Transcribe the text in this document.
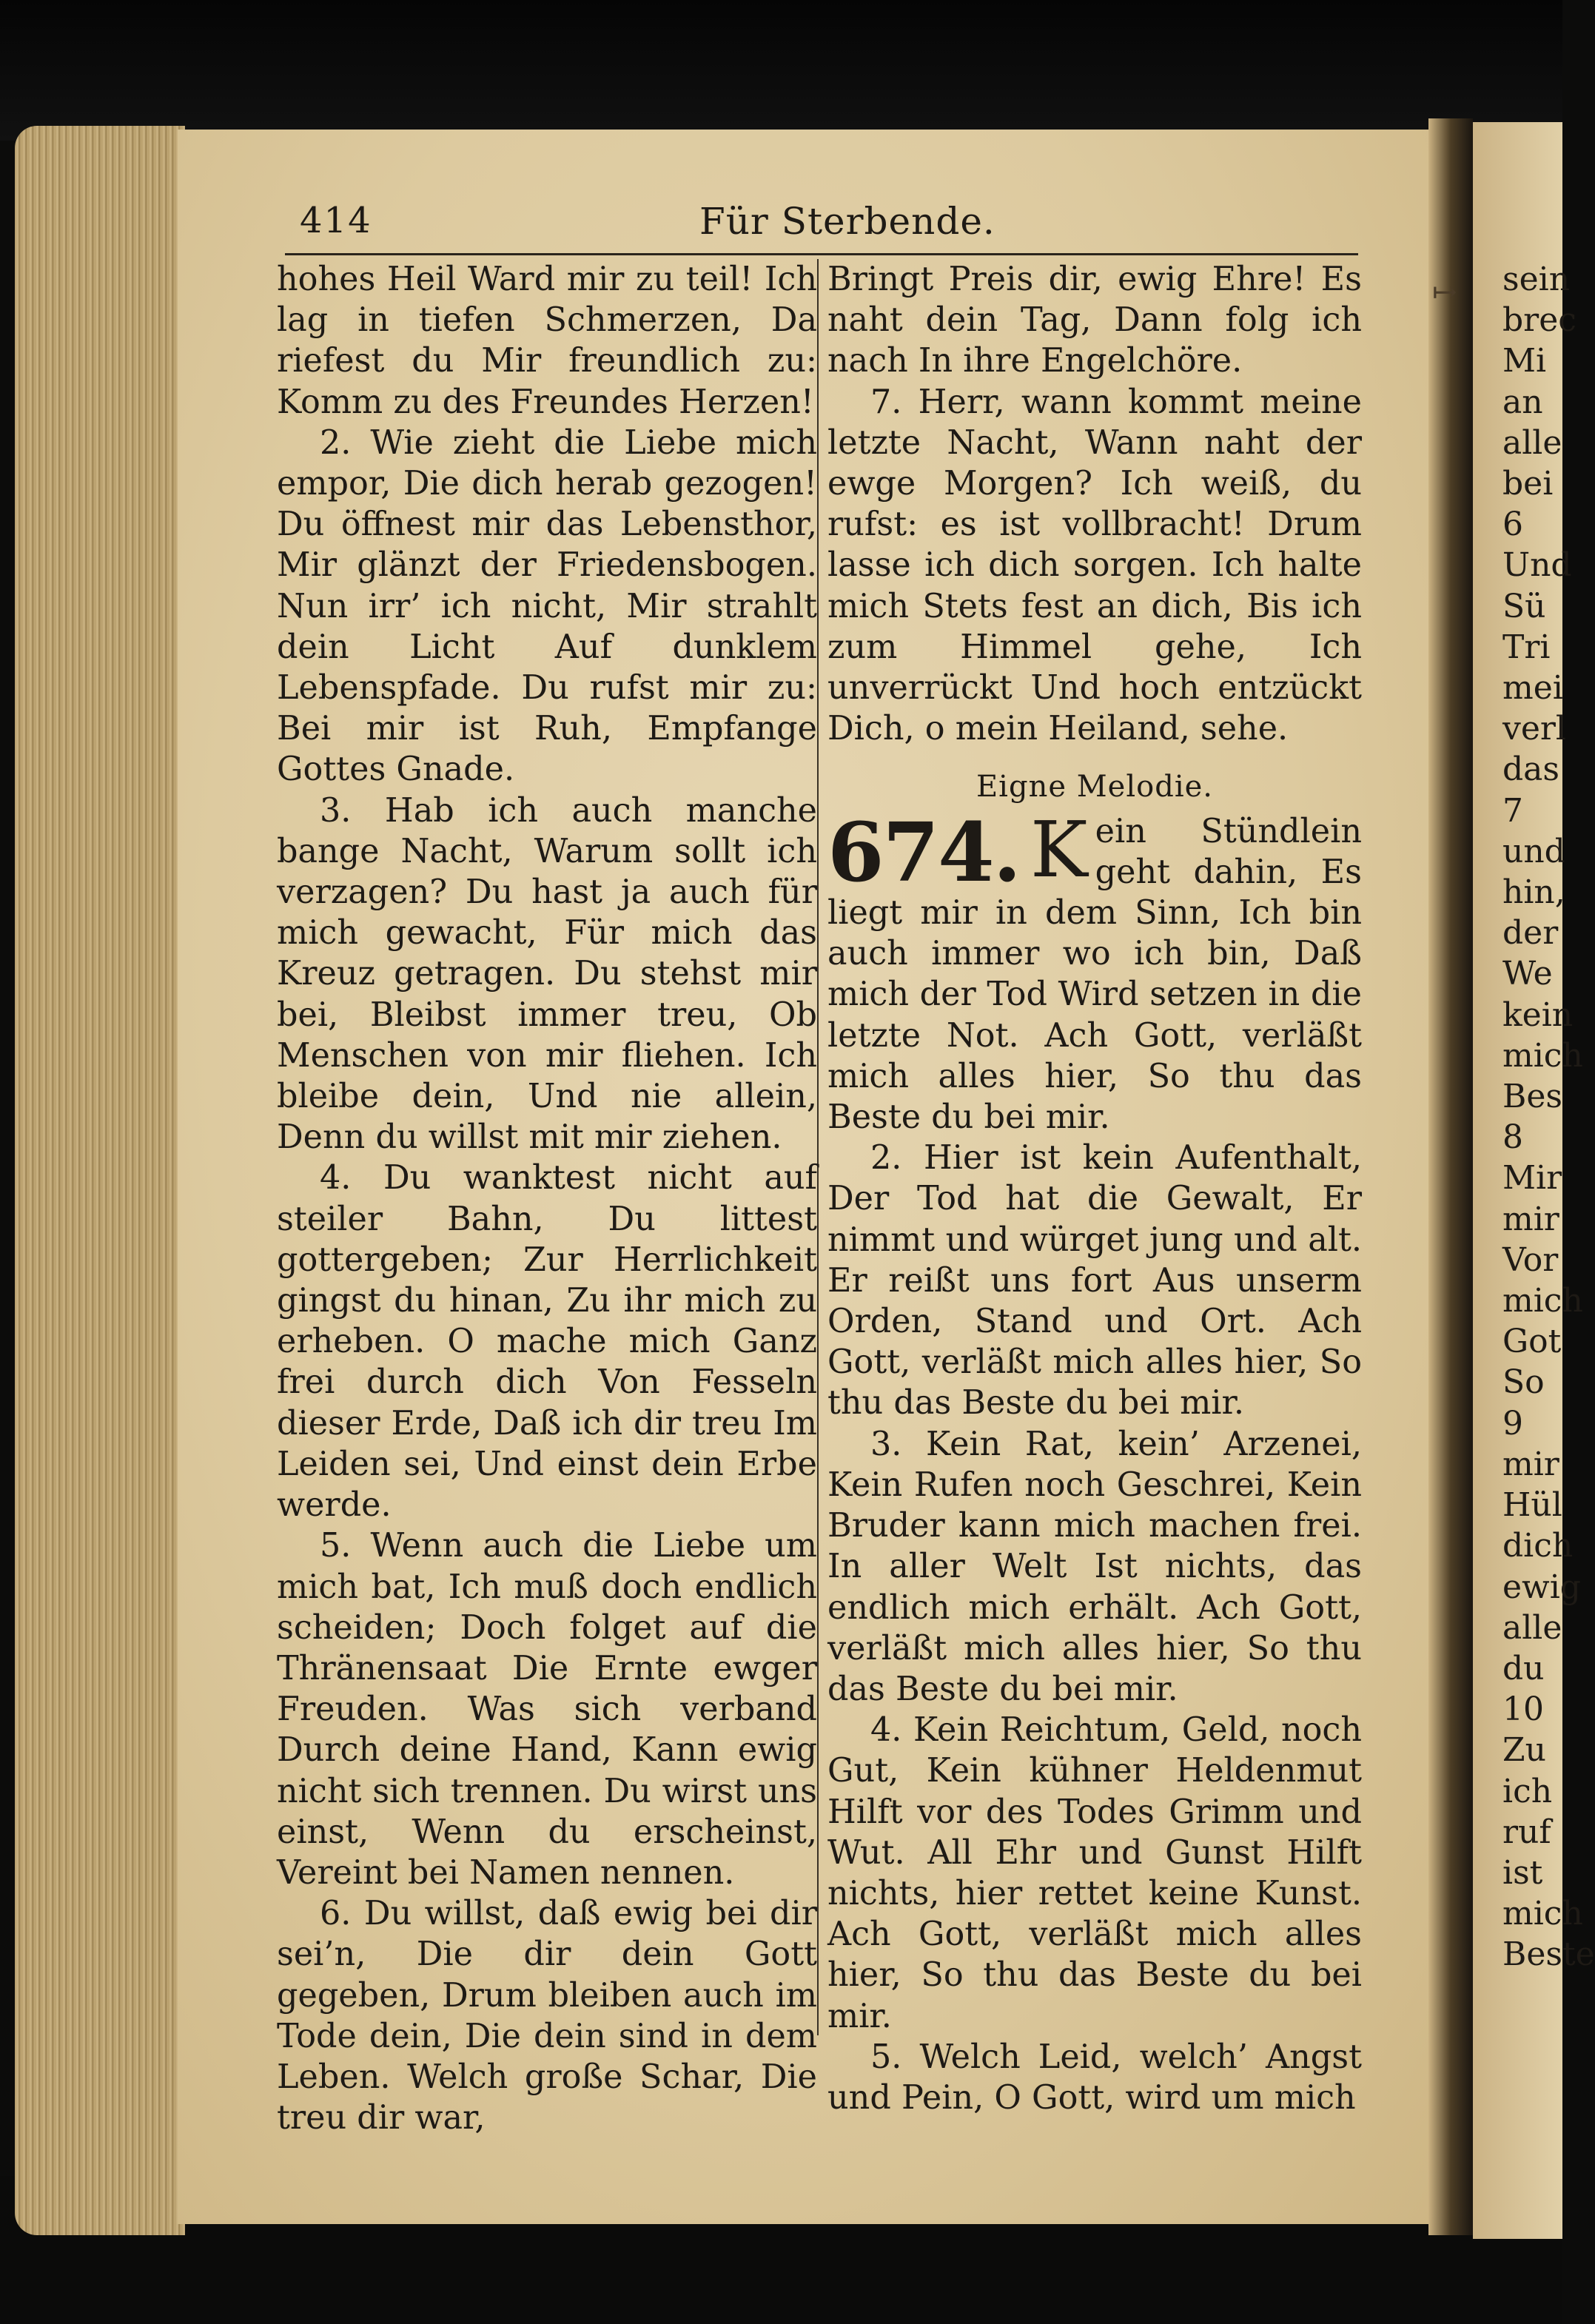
414	Für Sterbende.

hohes Heil Ward mir zu teil! Ich lag in tiefen Schmerzen, Da riefest du Mir freundlich zu: Komm zu des Freundes Herzen!

2. Wie zieht die Liebe mich empor, Die dich herab gezogen! Du öffnest mir das Lebensthor, Mir glänzt der Friedensbogen. Nun irr’ ich nicht, Mir strahlt dein Licht Auf dunklem Lebenspfade. Du rufst mir zu: Bei mir ist Ruh, Empfange Gottes Gnade.

3. Hab ich auch manche bange Nacht, Warum sollt ich verzagen? Du hast ja auch für mich gewacht, Für mich das Kreuz getragen. Du stehst mir bei, Bleibst immer treu, Ob Menschen von mir fliehen. Ich bleibe dein, Und nie allein, Denn du willst mit mir ziehen.

4. Du wanktest nicht auf steiler Bahn, Du littest gottergeben; Zur Herrlichkeit gingst du hinan, Zu ihr mich zu erheben. O mache mich Ganz frei durch dich Von Fesseln dieser Erde, Daß ich dir treu Im Leiden sei, Und einst dein Erbe werde.

5. Wenn auch die Liebe um mich bat, Ich muß doch endlich scheiden; Doch folget auf die Thränensaat Die Ernte ewger Freuden. Was sich verband Durch deine Hand, Kann ewig nicht sich trennen. Du wirst uns einst, Wenn du erscheinst, Vereint bei Namen nennen.

6. Du willst, daß ewig bei dir sei’n, Die dir dein Gott gegeben, Drum bleiben auch im Tode dein, Die dein sind in dem Leben. Welch große Schar, Die treu dir war,

Bringt Preis dir, ewig Ehre! Es naht dein Tag, Dann folg ich nach In ihre Engelchöre.

7. Herr, wann kommt meine letzte Nacht, Wann naht der ewge Morgen? Ich weiß, du rufst: es ist vollbracht! Drum lasse ich dich sorgen. Ich halte mich Stets fest an dich, Bis ich zum Himmel gehe, Ich unverrückt Und hoch entzückt Dich, o mein Heiland, sehe.

Eigne Melodie.

674. K ein Stündlein geht dahin, Es liegt mir in dem Sinn, Ich bin auch immer wo ich bin, Daß mich der Tod Wird setzen in die letzte Not. Ach Gott, verläßt mich alles hier, So thu das Beste du bei mir.

2. Hier ist kein Aufenthalt, Der Tod hat die Gewalt, Er nimmt und würget jung und alt. Er reißt uns fort Aus unserm Orden, Stand und Ort. Ach Gott, verläßt mich alles hier, So thu das Beste du bei mir.

3. Kein Rat, kein’ Arzenei, Kein Rufen noch Geschrei, Kein Bruder kann mich machen frei. In aller Welt Ist nichts, das endlich mich erhält. Ach Gott, verläßt mich alles hier, So thu das Beste du bei mir.

4. Kein Reichtum, Geld, noch Gut, Kein kühner Heldenmut Hilft vor des Todes Grimm und Wut. All Ehr und Gunst Hilft nichts, hier rettet keine Kunst. Ach Gott, verläßt mich alles hier, So thu das Beste du bei mir.

5. Welch Leid, welch’ Angst und Pein, O Gott, wird um mich

sein
brec
Mi
an
alle
bei
6
Und
Sü
Tri
mei
verl
das
7
und
hin,
der
We
kein
mich
Bes
8
Mir
mir
Vor
mich
Got
So
9
mir
Hül
dich
ewig
alle
du
10
Zu
ich
ruf
ist
mich
Beste
↦
